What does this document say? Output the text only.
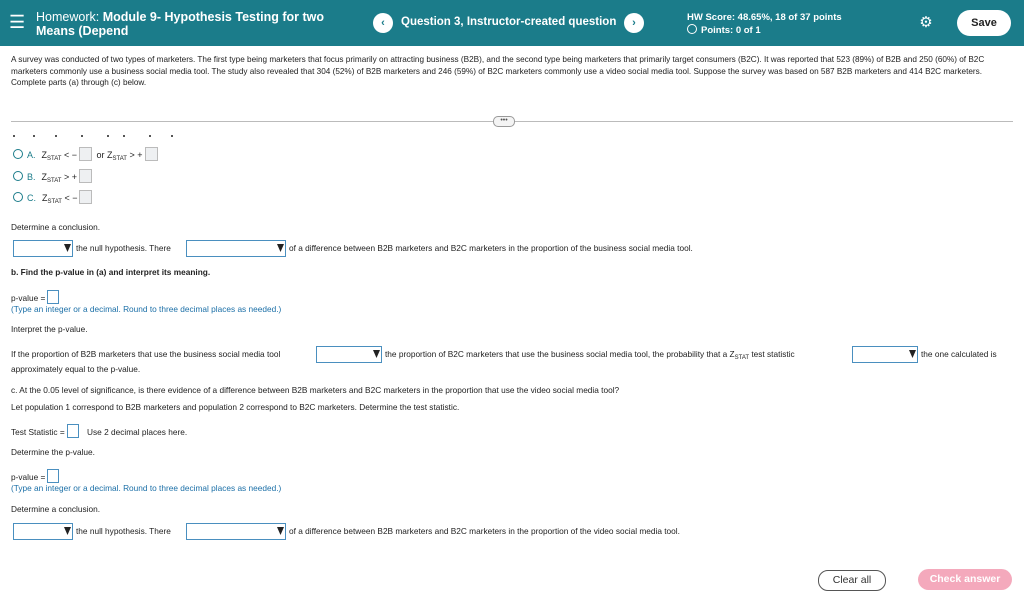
☰ Homework: Module 9- Hypothesis Testing for two Means (Depend
‹	Question 3, Instructor-created question	›	HW Score: 48.65%, 18 of 37 points
Points: 0 of 1	⚙	Save
A survey was conducted of two types of marketers. The first type being marketers that focus primarily on attracting business (B2B), and the second type being marketers that primarily target consumers (B2C). It was reported that 523 (89%) of B2B and 250 (60%) of B2C marketers commonly use a business social media tool. The study also revealed that 304 (52%) of B2B marketers and 246 (59%) of B2C marketers commonly use a video social media tool. Suppose the survey was based on 587 B2B marketers and 414 B2C marketers. Complete parts (a) through (c) below.
•••
A. $Z_{STAT}$ < − or $Z_{STAT}$ > +
B. $Z_{STAT}$ > +
C. $Z_{STAT}$ < −
Determine a conclusion.
the null hypothesis. There	of a difference between B2B marketers and B2C marketers in the proportion of the business social media tool.
b. Find the p-value in (a) and interpret its meaning.
p-value =
(Type an integer or a decimal. Round to three decimal places as needed.)
Interpret the p-value.
If the proportion of B2B marketers that use the business social media tool	the proportion of B2C marketers that use the business social media tool, the probability that a $Z_{STAT}$ test statistic	the one calculated is
approximately equal to the p-value.
c. At the 0.05 level of significance, is there evidence of a difference between B2B marketers and B2C marketers in the proportion that use the video social media tool?
Let population 1 correspond to B2B marketers and population 2 correspond to B2C marketers. Determine the test statistic.
Test Statistic =	Use 2 decimal places here.
Determine the p-value.
p-value =
(Type an integer or a decimal. Round to three decimal places as needed.)
Determine a conclusion.
the null hypothesis. There	of a difference between B2B marketers and B2C marketers in the proportion of the video social media tool.
Clear all	Check answer
